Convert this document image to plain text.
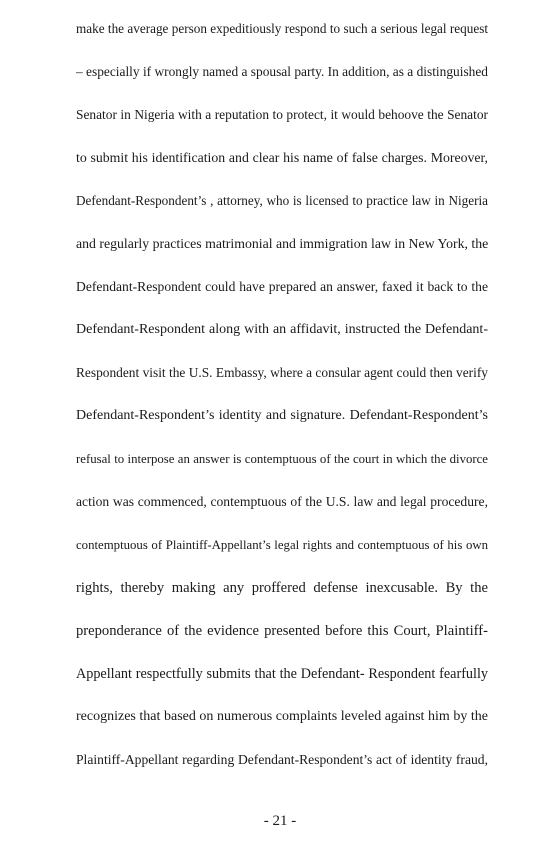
make the average person expeditiously respond to such a serious legal request
– especially if wrongly named a spousal party. In addition, as a distinguished
Senator in Nigeria with a reputation to protect, it would behoove the Senator
to submit his identification and clear his name of false charges. Moreover,
Defendant-Respondent’s , attorney, who is licensed to practice law in Nigeria
and regularly practices matrimonial and immigration law in New York, the
Defendant-Respondent could have prepared an answer, faxed it back to the
Defendant-Respondent along with an affidavit, instructed the Defendant-
Respondent visit the U.S. Embassy, where a consular agent could then verify
Defendant-Respondent’s identity and signature. Defendant-Respondent’s
refusal to interpose an answer is contemptuous of the court in which the divorce
action was commenced, contemptuous of the U.S. law and legal procedure,
contemptuous of Plaintiff-Appellant’s legal rights and contemptuous of his own
rights, thereby making any proffered defense inexcusable. By the
preponderance of the evidence presented before this Court, Plaintiff-
Appellant respectfully submits that the Defendant- Respondent fearfully
recognizes that based on numerous complaints leveled against him by the
Plaintiff-Appellant regarding Defendant-Respondent’s act of identity fraud,
- 21 -
